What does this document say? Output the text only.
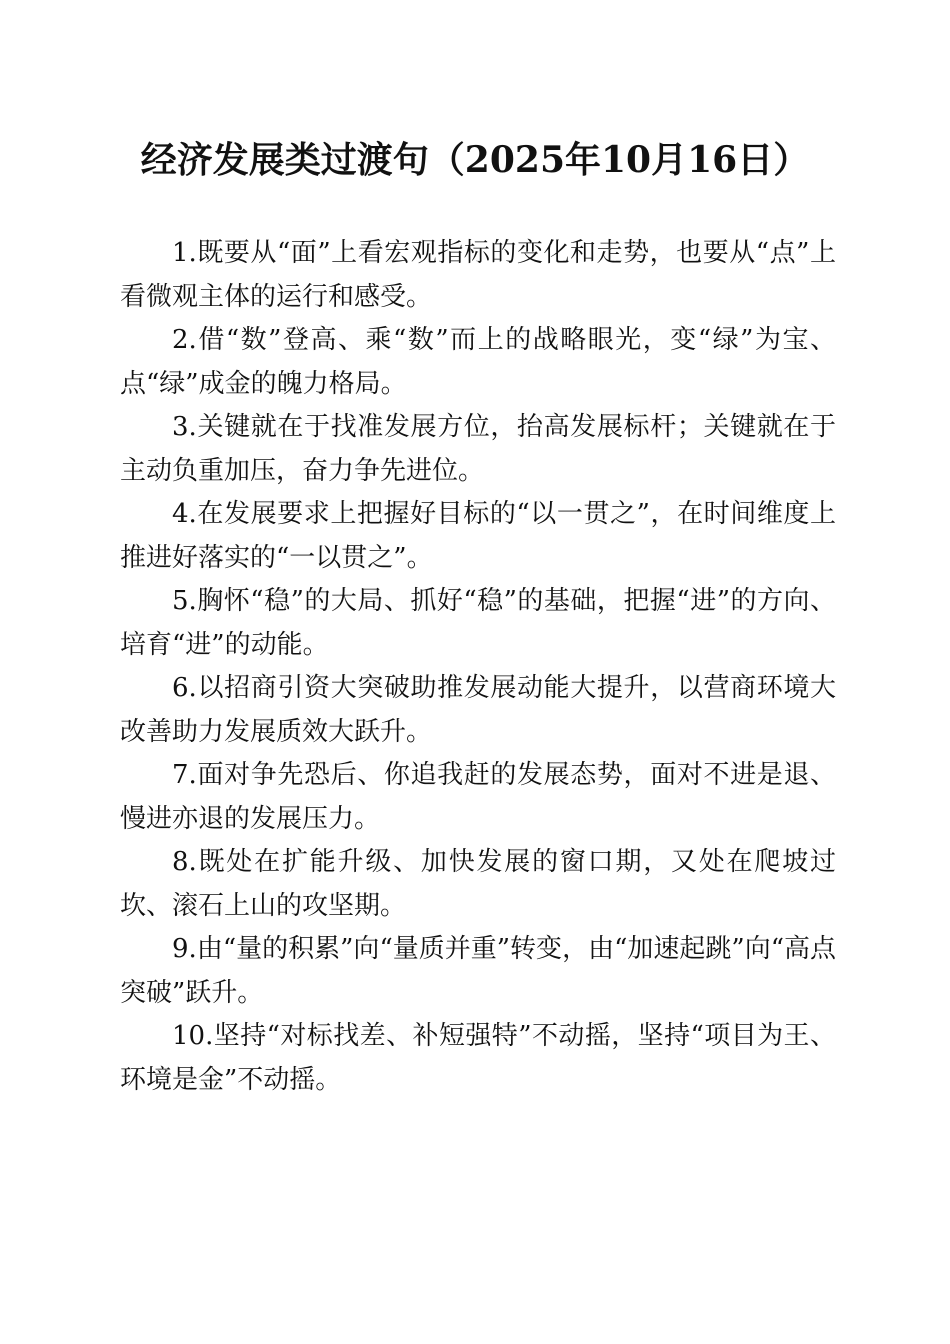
经济发展类过渡句（2025年10月16日）

1.既要从“面”上看宏观指标的变化和走势，也要从“点”上看微观主体的运行和感受。

2.借“数”登高、乘“数”而上的战略眼光，变“绿”为宝、点“绿”成金的魄力格局。

3.关键就在于找准发展方位，抬高发展标杆；关键就在于主动负重加压，奋力争先进位。

4.在发展要求上把握好目标的“以一贯之”，在时间维度上推进好落实的“一以贯之”。

5.胸怀“稳”的大局、抓好“稳”的基础，把握“进”的方向、培育“进”的动能。

6.以招商引资大突破助推发展动能大提升，以营商环境大改善助力发展质效大跃升。

7.面对争先恐后、你追我赶的发展态势，面对不进是退、慢进亦退的发展压力。

8.既处在扩能升级、加快发展的窗口期，又处在爬坡过坎、滚石上山的攻坚期。

9.由“量的积累”向“量质并重”转变，由“加速起跳”向“高点突破”跃升。

10.坚持“对标找差、补短强特”不动摇，坚持“项目为王、环境是金”不动摇。
